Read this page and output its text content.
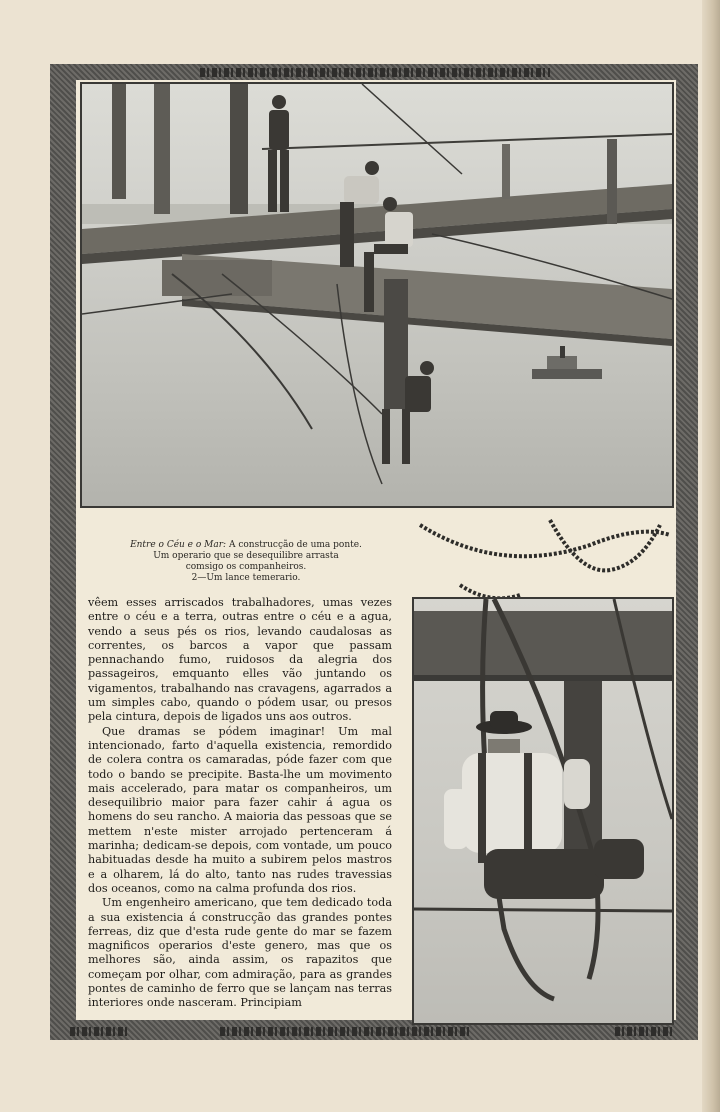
Entre o Céu e o Mar: A construcção de uma ponte.
Um operario que se desequilibre arrasta
comsigo os companheiros.
2—Um lance temerario.

vêem esses arriscados trabalhadores, umas vezes entre o céu e a terra, outras entre o céu e a agua, vendo a seus pés os rios, levando caudalosas as correntes, os barcos a vapor que passam pennachando fumo, ruidosos da alegria dos passageiros, emquanto elles vão juntando os vigamentos, trabalhando nas cravagens, agarrados a um simples cabo, quando o pódem usar, ou presos pela cintura, depois de ligados uns aos outros.

Que dramas se pódem imaginar! Um mal intencionado, farto d'aquella existencia, remordido de colera contra os camaradas, póde fazer com que todo o bando se precipite. Basta-lhe um movimento mais accelerado, para matar os companheiros, um desequilibrio maior para fazer cahir á agua os homens do seu rancho. A maioria das pessoas que se mettem n'este mister arrojado pertenceram á marinha; dedicam-se depois, com vontade, um pouco habituadas desde ha muito a subirem pelos mastros e a olharem, lá do alto, tanto nas rudes travessias dos oceanos, como na calma profunda dos rios.

Um engenheiro americano, que tem dedicado toda a sua existencia á construcção das grandes pontes ferreas, diz que d'esta rude gente do mar se fazem magnificos operarios d'este genero, mas que os melhores são, ainda assim, os rapazitos que começam por olhar, com admiração, para as grandes pontes de caminho de ferro que se lançam nas terras interiores onde nasceram. Principiam
